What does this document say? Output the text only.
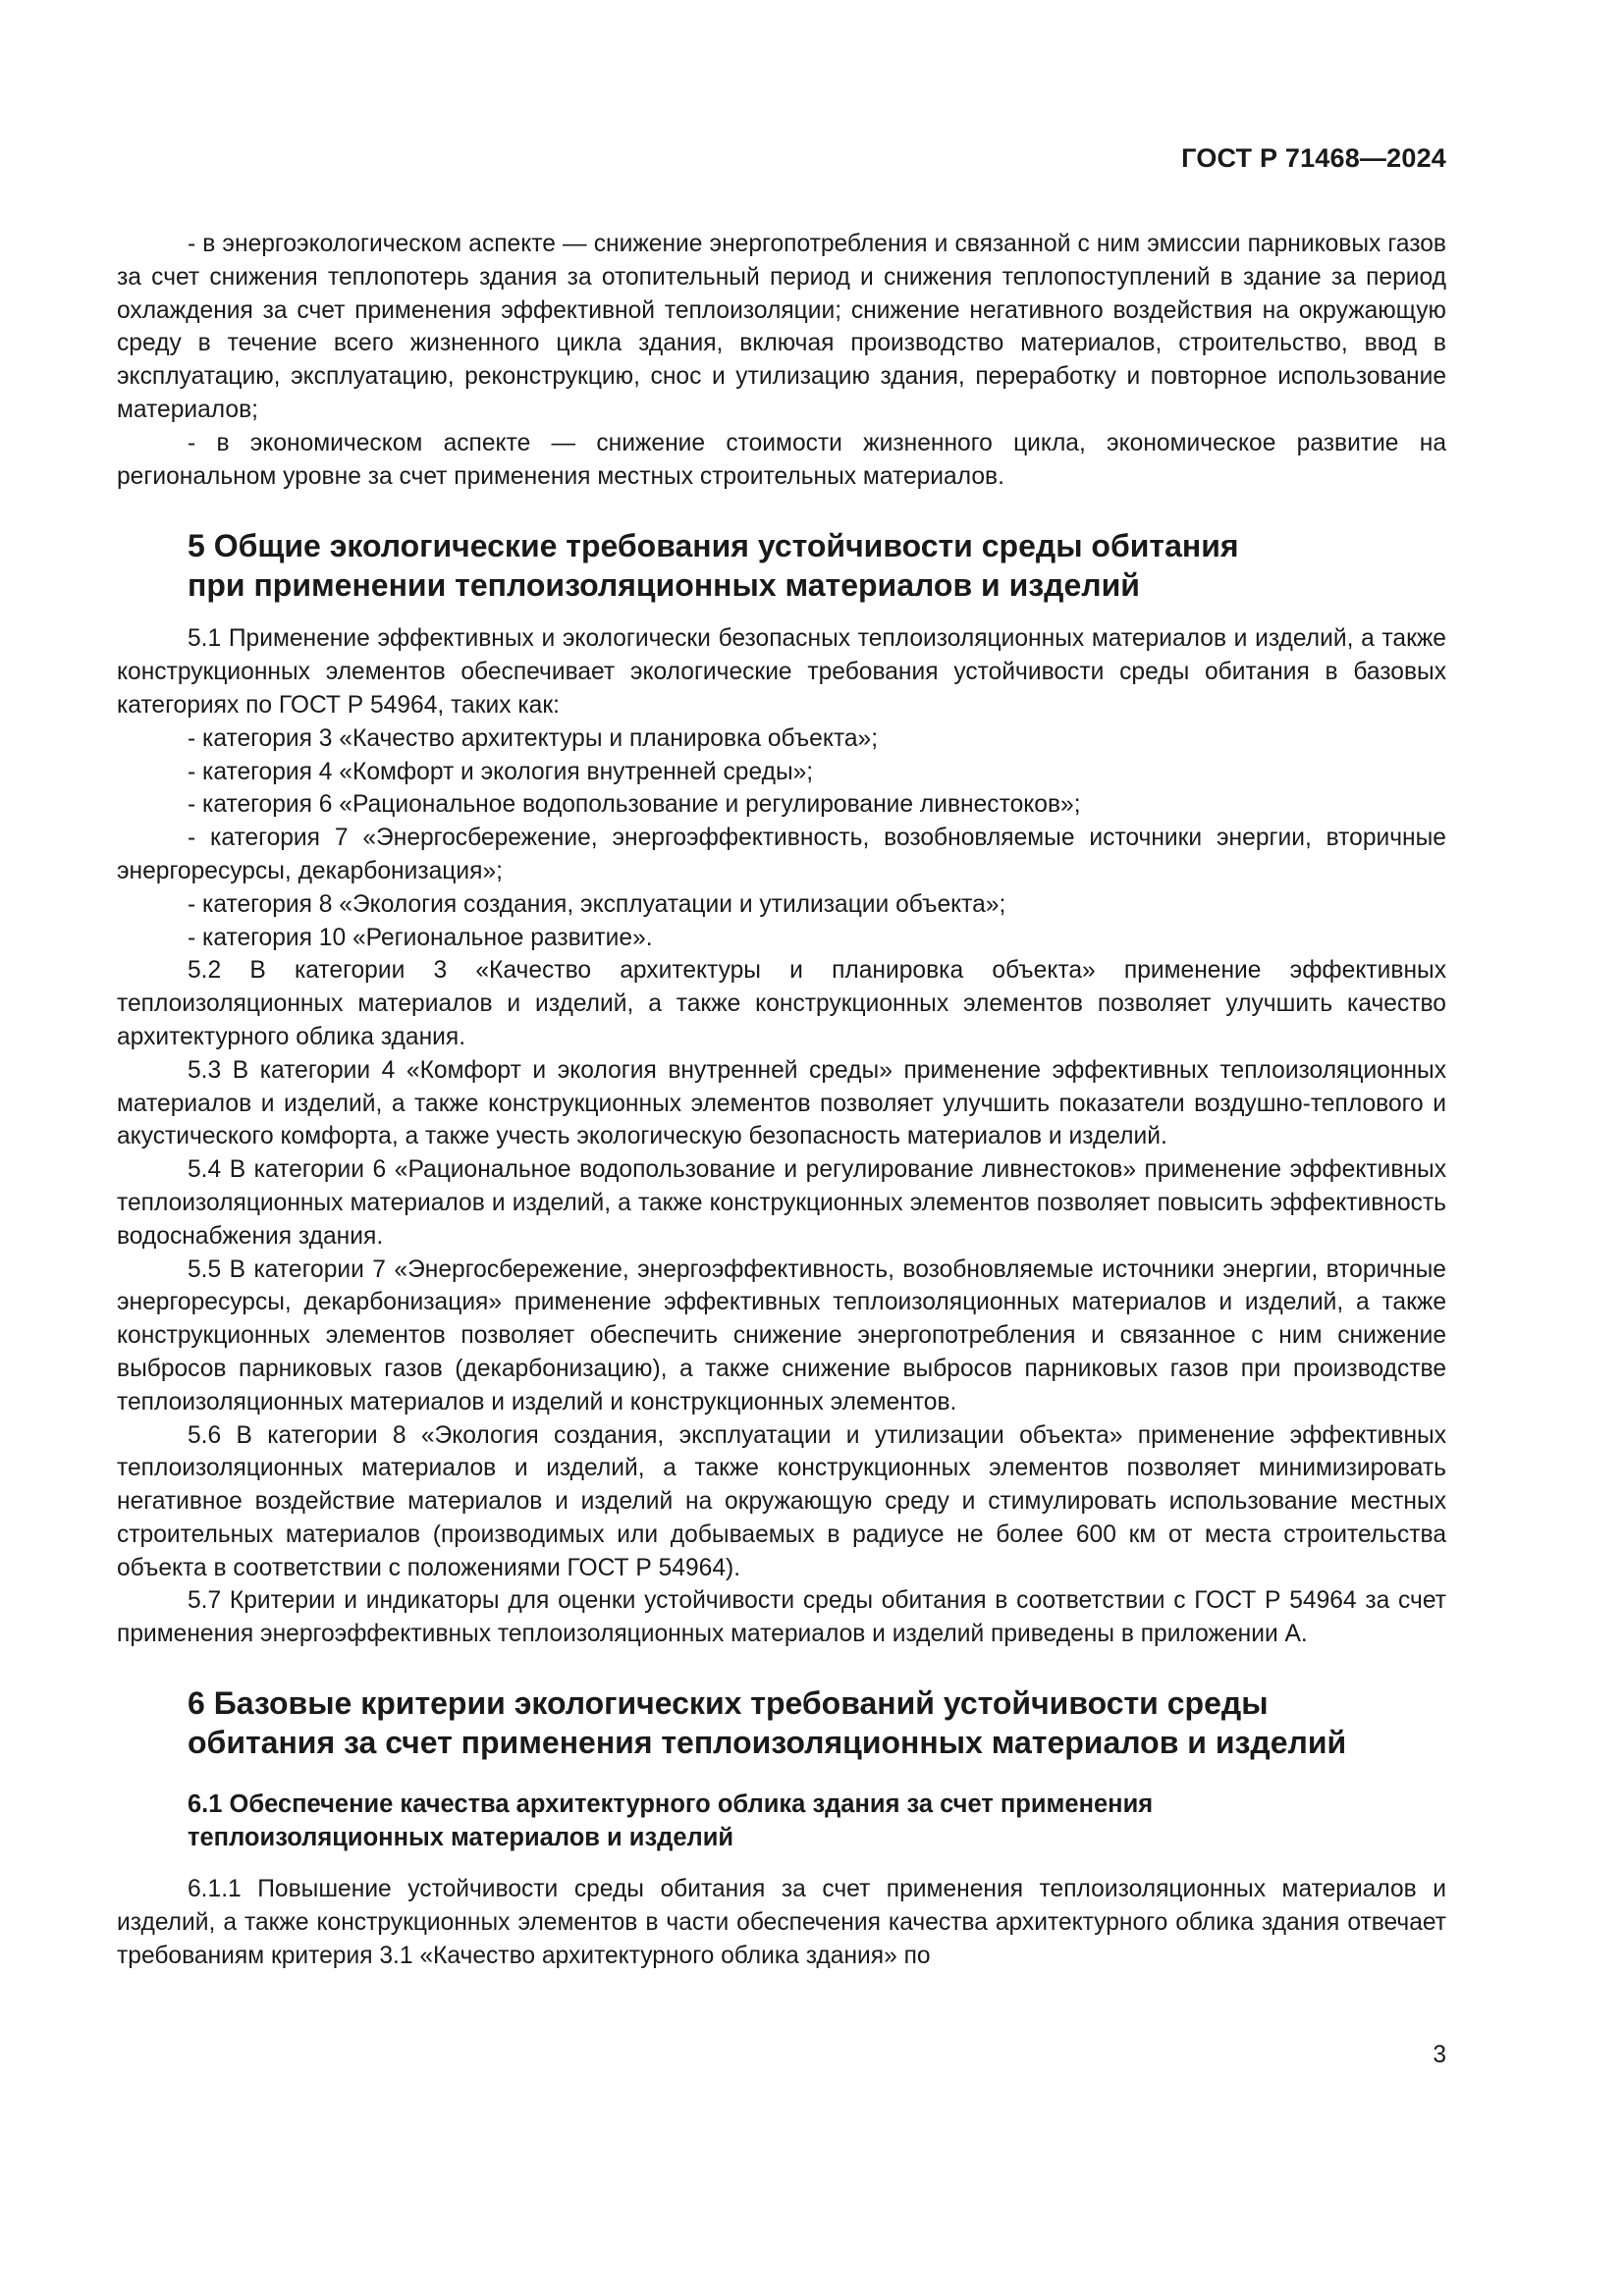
ГОСТ Р 71468—2024

- в энергоэкологическом аспекте — снижение энергопотребления и связанной с ним эмиссии парниковых газов за счет снижения теплопотерь здания за отопительный период и снижения теплопоступлений в здание за период охлаждения за счет применения эффективной теплоизоляции; снижение негативного воздействия на окружающую среду в течение всего жизненного цикла здания, включая производство материалов, строительство, ввод в эксплуатацию, эксплуатацию, реконструкцию, снос и утилизацию здания, переработку и повторное использование материалов;

- в экономическом аспекте — снижение стоимости жизненного цикла, экономическое развитие на региональном уровне за счет применения местных строительных материалов.

5 Общие экологические требования устойчивости среды обитания
при применении теплоизоляционных материалов и изделий

5.1 Применение эффективных и экологически безопасных теплоизоляционных материалов и изделий, а также конструкционных элементов обеспечивает экологические требования устойчивости среды обитания в базовых категориях по ГОСТ Р 54964, таких как:

- категория 3 «Качество архитектуры и планировка объекта»;

- категория 4 «Комфорт и экология внутренней среды»;

- категория 6 «Рациональное водопользование и регулирование ливнестоков»;

- категория 7 «Энергосбережение, энергоэффективность, возобновляемые источники энергии, вторичные энергоресурсы, декарбонизация»;

- категория 8 «Экология создания, эксплуатации и утилизации объекта»;

- категория 10 «Региональное развитие».

5.2 В категории 3 «Качество архитектуры и планировка объекта» применение эффективных теплоизоляционных материалов и изделий, а также конструкционных элементов позволяет улучшить качество архитектурного облика здания.

5.3 В категории 4 «Комфорт и экология внутренней среды» применение эффективных теплоизоляционных материалов и изделий, а также конструкционных элементов позволяет улучшить показатели воздушно-теплового и акустического комфорта, а также учесть экологическую безопасность материалов и изделий.

5.4 В категории 6 «Рациональное водопользование и регулирование ливнестоков» применение эффективных теплоизоляционных материалов и изделий, а также конструкционных элементов позволяет повысить эффективность водоснабжения здания.

5.5 В категории 7 «Энергосбережение, энергоэффективность, возобновляемые источники энергии, вторичные энергоресурсы, декарбонизация» применение эффективных теплоизоляционных материалов и изделий, а также конструкционных элементов позволяет обеспечить снижение энергопотребления и связанное с ним снижение выбросов парниковых газов (декарбонизацию), а также снижение выбросов парниковых газов при производстве теплоизоляционных материалов и изделий и конструкционных элементов.

5.6 В категории 8 «Экология создания, эксплуатации и утилизации объекта» применение эффективных теплоизоляционных материалов и изделий, а также конструкционных элементов позволяет минимизировать негативное воздействие материалов и изделий на окружающую среду и стимулировать использование местных строительных материалов (производимых или добываемых в радиусе не более 600 км от места строительства объекта в соответствии с положениями ГОСТ Р 54964).

5.7 Критерии и индикаторы для оценки устойчивости среды обитания в соответствии с ГОСТ Р 54964 за счет применения энергоэффективных теплоизоляционных материалов и изделий приведены в приложении А.

6 Базовые критерии экологических требований устойчивости среды
обитания за счет применения теплоизоляционных материалов и изделий
6.1 Обеспечение качества архитектурного облика здания за счет применения
теплоизоляционных материалов и изделий

6.1.1 Повышение устойчивости среды обитания за счет применения теплоизоляционных материалов и изделий, а также конструкционных элементов в части обеспечения качества архитектурного облика здания отвечает требованиям критерия 3.1 «Качество архитектурного облика здания» по

3
